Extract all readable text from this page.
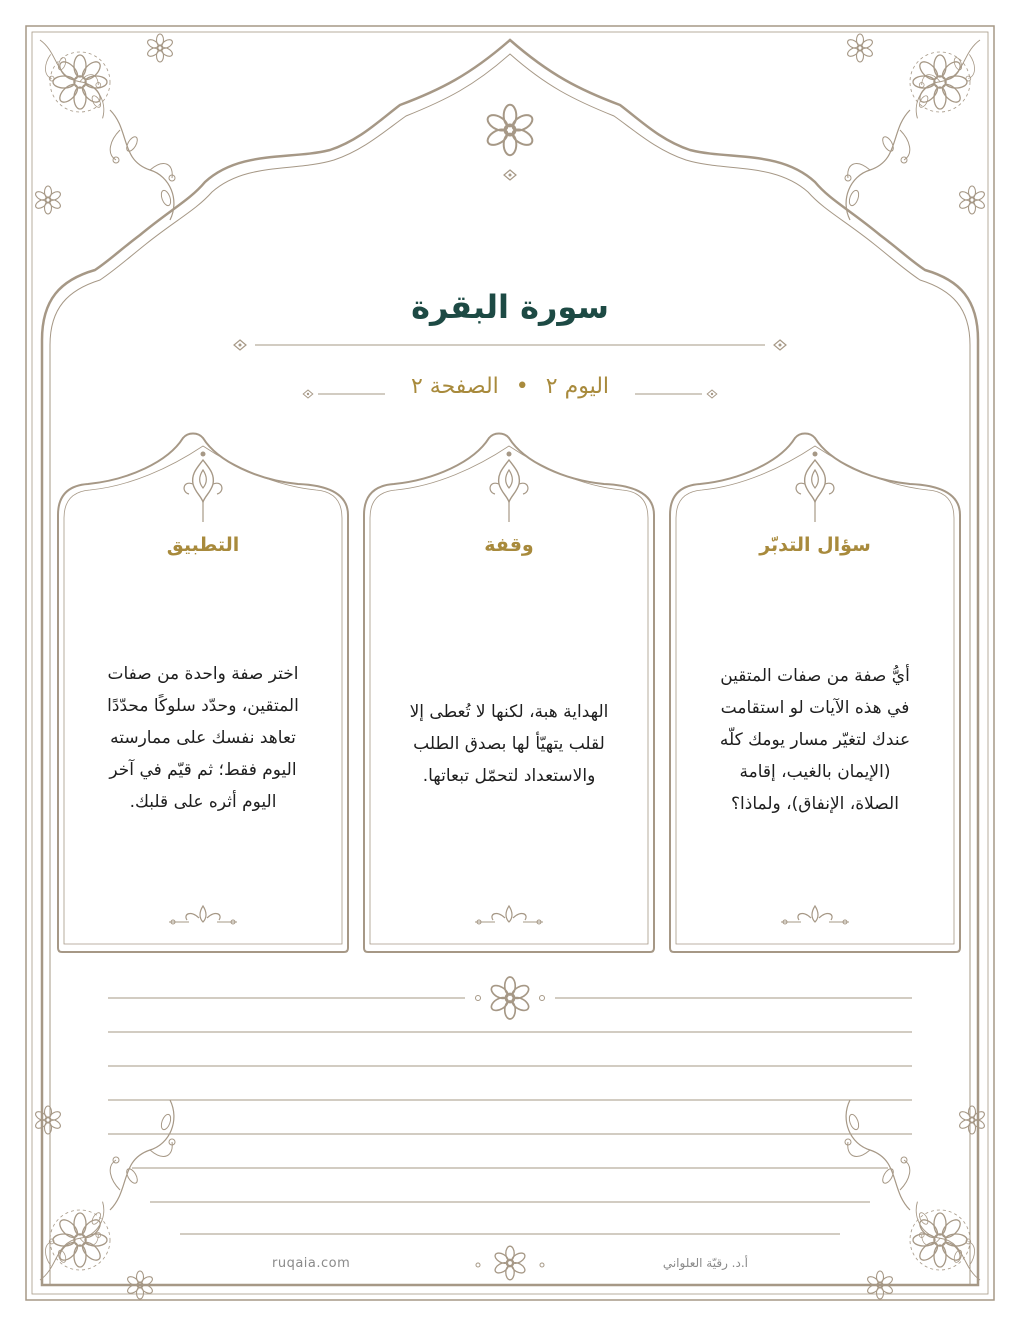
سورة البقرة
اليوم ٢ • الصفحة ٢
سؤال التدبّر
أيُّ صفة من صفات المتقين
في هذه الآيات لو استقامت
عندك لتغيّر مسار يومك كلّه
(الإيمان بالغيب، إقامة
الصلاة، الإنفاق)، ولماذا؟
وقفة
الهداية هبة، لكنها لا تُعطى إلا
لقلب يتهيّأ لها بصدق الطلب
والاستعداد لتحمّل تبعاتها.
التطبيق
اختر صفة واحدة من صفات
المتقين، وحدّد سلوكًا محدّدًا
تعاهد نفسك على ممارسته
اليوم فقط؛ ثم قيّم في آخر
اليوم أثره على قلبك.
ruqaia.com	أ.د. رقيّة العلواني
